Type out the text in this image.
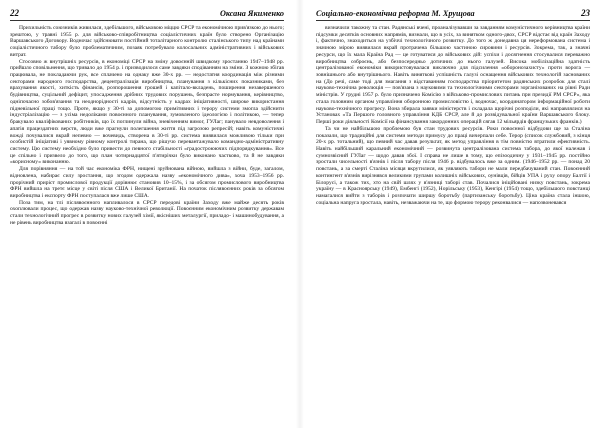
22	Оксана Якименко

Прихильність союзників живилася, здебільшого, військовою міццю СРСР та економічною прив'язкою до нього; зрештою, у травні 1955 р. для військово-співробітництва соціалістичних країн було створено Організацію Варшавського Договору. Водночас здійснювати постійний тоталітарного контролю сталінського типу над країнами соціалістичного табору було проблематичним, позаяк потребувало колосальних адміністративних і військових витрат.

Стосовно ж внутрішніх ресурсів, в економіці СРСР на зміну довоєнній швидкому зростанню 1947–1948 рр. прийшло сповільнення, що тривало до 1954 р. і призводилося саме завдяки сподіванням на зміни. З кожною збігав працювала, не покладаючи рук, все сплачено на однаку вже 30-х рр. — недостатня координація між різними секторами народного господарства, децентралізація виробництва, планування з кількісних показниками, без врахування якості, хиткість фінансів, розпорошення грошей і капітало-вкладень, поширення незавершеного будівництва, суцільний дефіцит, упосадження дрібних трудових порушень, безпрасте нормування, керівництво, одніпочасно зобов'язання та неоднорідності кадрів, відсутність у кадрах ініціативності, широке використання підневільної праці тощо. Проте, якщо у 30-ті за допомогою примітивних і терору системи змогла здійснити індустріалізацію — з усіма недоліками повоєнного планування, зумовленого ідеологією і політикою, — тепер бракувало кваліфікованих робітників, що їх поглинули війна, зневіченням вимог, ГУЛаг; панувало невдоволення і апатія працездатних верств, люди вже прагнули полегшення життя під загрозою репресій; навіть комуністичні вожді почувалися вкрай непевно — вочевидь, створена в 30-ті рр. система виявилася можливою тільки при особистій ініціативі і уявному рівному контролі тирана, що рішучо перевантажувало командно-адміністративну систему. Цю систему необхідно було привести до певного стабільності «градостроюючих підпорядкування». Все це спільно і призвело до того, що план чотирнадцятої п'ятирічки було виконано частково, та й не завдяки «корисному» виконанню.

Для порівняння — на той час економіка ФРН, нищені зруйнована війною, вийшла з війни, буде, загалом, відновлена, набирає силу зростання, що згодом одержала назву «економічного дива», хоча 1953–1956 рр. прорічний приріст промислової продукції дорівнює становив 10–15%, і за обсягом промислового виробництва ФРН вийшла на третє місце у світі після США і Великої Британії. На початок післявоєнних років за обсягом виробництва і експорту ФРН поступалася вже лише США.

Поза тим, на тлі післявоєнного напливалося в СРСР передові країни Заходу вже майже десять років охоплювали процес, що одержав назву науково-технічної революції. Повоєнним економічним розвитку державам стали технологічний прогрес в розвитку нових галузей хімії, якісніших металургії, приладо- і машинобудування, а не рівень виробництва взагалі в повоєнні

Соціально-економічна реформа М. Хрущова	23

визначили такожну та стан. Радянські вчені, проаналізувавши за завданням комуністичного керівництва країни підсумки десятків основних напрямів, визнали, що в усіх, за винятком одного-двох, СРСР відстає від країн Заходу і, фактично, знаходиться на узбіччі технологічного розвитку. До того ж донедавна ця нереформована система і значною мірою виявилася вкрай протрачена більшою частиною сировини і ресурсів. Зокрема, так, а значні ресурси, що їх мала Країна Рад — це готуватися до військових дій: успіхи і досягнення стосувалися переважно виробництва озброєнь, або безпосередньо дотичних до нього галузей. Висока мобілізаційна здатність централізованої економіки використовувалася виключно для підсилення «оборонозахисту» проти ворога — зовнішнього або внутрішнього. Навіть виняткові успішність галузі оснащення військових технологій заснованих на (До речі, саме тоді для змагання з відставанням господарства пріоритетом радянських розробок для сталі науково-технічна революція — пов'язана з науковими та технологічними секторами зорганізованих на рівні Ради міністрів. У грудні 1957 р. було призначено Комісію з військово-промислових питань при президії РМ СРСР», яка стала головним органом управління оборонною промисловістю і, водночас, координатором інформаційної роботи науково-технічного прогресу. Вона збирала заявки міністерств і складала щорічні розподіли, які направлялися на Установах «Та Першого головного управління КДБ СРСР, але й до розвідувальної країни Варшавського блоку. Перші роки діяльності Комісії на фінансування закордонних операцій сягав 12 мільярдів французьких франків.)

Та чи не найбільшою проблемою був стан трудових ресурсів. Роки повоєнної відбудови ще за Сталіна показали, що традиційні для системи методи примусу до праці вичерпали себе. Терор (список службовий, з кінця 20-х рр. тотальний), що певний час давав результат, як метод управління в тім повністю втратили ефективність. Навіть найбільший каральний економічний — розвинута централізована система табора, до якої належав і сумнозвісний ГУЛаг — щодо давав збої. І справа не лише в тому, що епізоодичну у 1931–1945 рр. постійно зростали чисельності в'язнів і після табору після 1946 р. відбувалось вже за одним. (1946–1952 рр. — понад 20 повстань, а за смерті Сталіна місяця вкрутилися, як уявляють табори не мали передбачуваний стан. Повоєнний контингент в'язнів вирізнявся великими групами колишніх військових, оунівців, бійців УПА і руху опору Балтії і Білорусі, а також тих, хто на свій шлях у в'язниці таборі став. Почалися ініційовані низку повстань, зокрема україну — в Красноярську (1949), Ембенгі (1952), Норільську (1953), Кенгірі (1954) тощо, здебільшого повстанці намагалися вийти з таборів і розпочати ширшу боротьбу (партизанську боротьбу). Ціна країна стала іншою, соціальна напруга зростала, навіть, незважаючи на те, що формою терору реконвалися — напозвоневався
